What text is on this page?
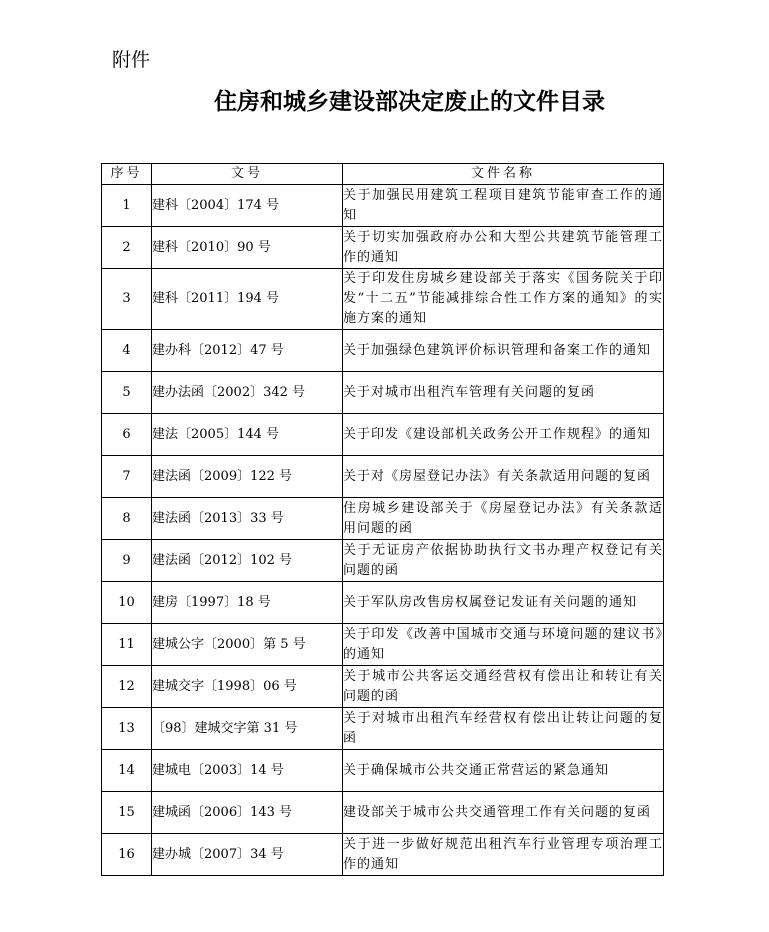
附件
住房和城乡建设部决定废止的文件目录
序号	文号	文件名称
1	建科〔2004〕174 号	关于加强民用建筑工程项目建筑节能审查工作的通知
2	建科〔2010〕90 号	关于切实加强政府办公和大型公共建筑节能管理工作的通知
3	建科〔2011〕194 号	关于印发住房城乡建设部关于落实《国务院关于印发“十二五”节能减排综合性工作方案的通知》的实施方案的通知
4	建办科〔2012〕47 号	关于加强绿色建筑评价标识管理和备案工作的通知
5	建办法函〔2002〕342 号	关于对城市出租汽车管理有关问题的复函
6	建法〔2005〕144 号	关于印发《建设部机关政务公开工作规程》的通知
7	建法函〔2009〕122 号	关于对《房屋登记办法》有关条款适用问题的复函
8	建法函〔2013〕33 号	住房城乡建设部关于《房屋登记办法》有关条款适用问题的函
9	建法函〔2012〕102 号	关于无证房产依据协助执行文书办理产权登记有关问题的函
10	建房〔1997〕18 号	关于军队房改售房权属登记发证有关问题的通知
11	建城公字〔2000〕第 5 号	关于印发《改善中国城市交通与环境问题的建议书》的通知
12	建城交字〔1998〕06 号	关于城市公共客运交通经营权有偿出让和转让有关问题的函
13	〔98〕建城交字第 31 号	关于对城市出租汽车经营权有偿出让转让问题的复函
14	建城电〔2003〕14 号	关于确保城市公共交通正常营运的紧急通知
15	建城函〔2006〕143 号	建设部关于城市公共交通管理工作有关问题的复函
16	建办城〔2007〕34 号	关于进一步做好规范出租汽车行业管理专项治理工作的通知
